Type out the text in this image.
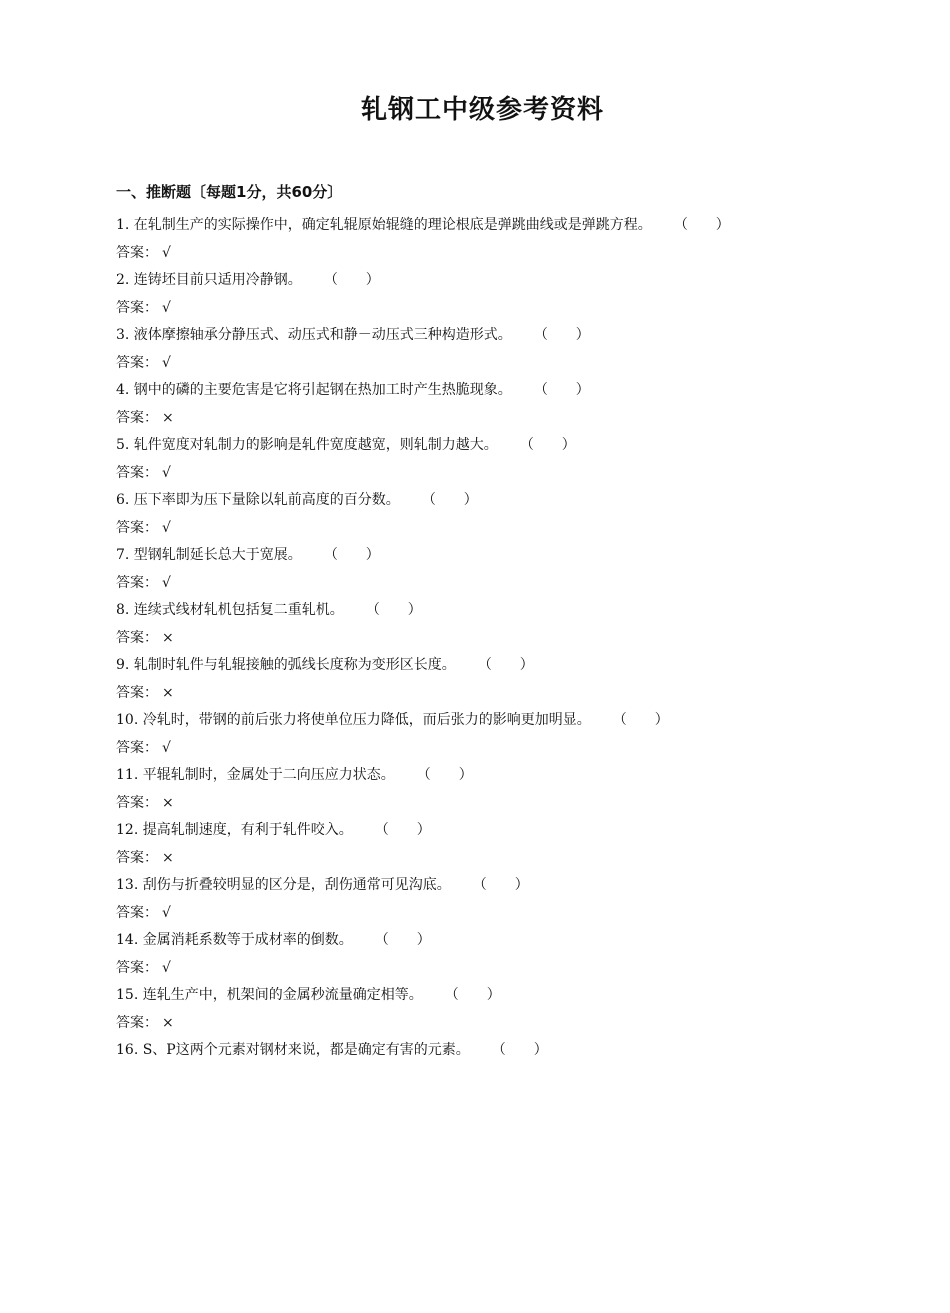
轧钢工中级参考资料
一、推断题〔每题1分，共60分〕
1. 在轧制生产的实际操作中，确定轧辊原始辊缝的理论根底是弹跳曲线或是弹跳方程。 （　　）
答案： √
2. 连铸坯目前只适用冷静钢。 （　　）
答案： √
3. 液体摩擦轴承分静压式、动压式和静－动压式三种构造形式。 （　　）
答案： √
4. 钢中的磷的主要危害是它将引起钢在热加工时产生热脆现象。 （　　）
答案： ×
5. 轧件宽度对轧制力的影响是轧件宽度越宽，则轧制力越大。 （　　）
答案： √
6. 压下率即为压下量除以轧前高度的百分数。 （　　）
答案： √
7. 型钢轧制延长总大于宽展。 （　　）
答案： √
8. 连续式线材轧机包括复二重轧机。 （　　）
答案： ×
9. 轧制时轧件与轧辊接触的弧线长度称为变形区长度。 （　　）
答案： ×
10. 冷轧时，带钢的前后张力将使单位压力降低，而后张力的影响更加明显。 （　　）
答案： √
11. 平辊轧制时，金属处于二向压应力状态。 （　　）
答案： ×
12. 提高轧制速度，有利于轧件咬入。 （　　）
答案： ×
13. 刮伤与折叠较明显的区分是，刮伤通常可见沟底。 （　　）
答案： √
14. 金属消耗系数等于成材率的倒数。 （　　）
答案： √
15. 连轧生产中，机架间的金属秒流量确定相等。 （　　）
答案： ×
16. S、P这两个元素对钢材来说，都是确定有害的元素。 （　　）
